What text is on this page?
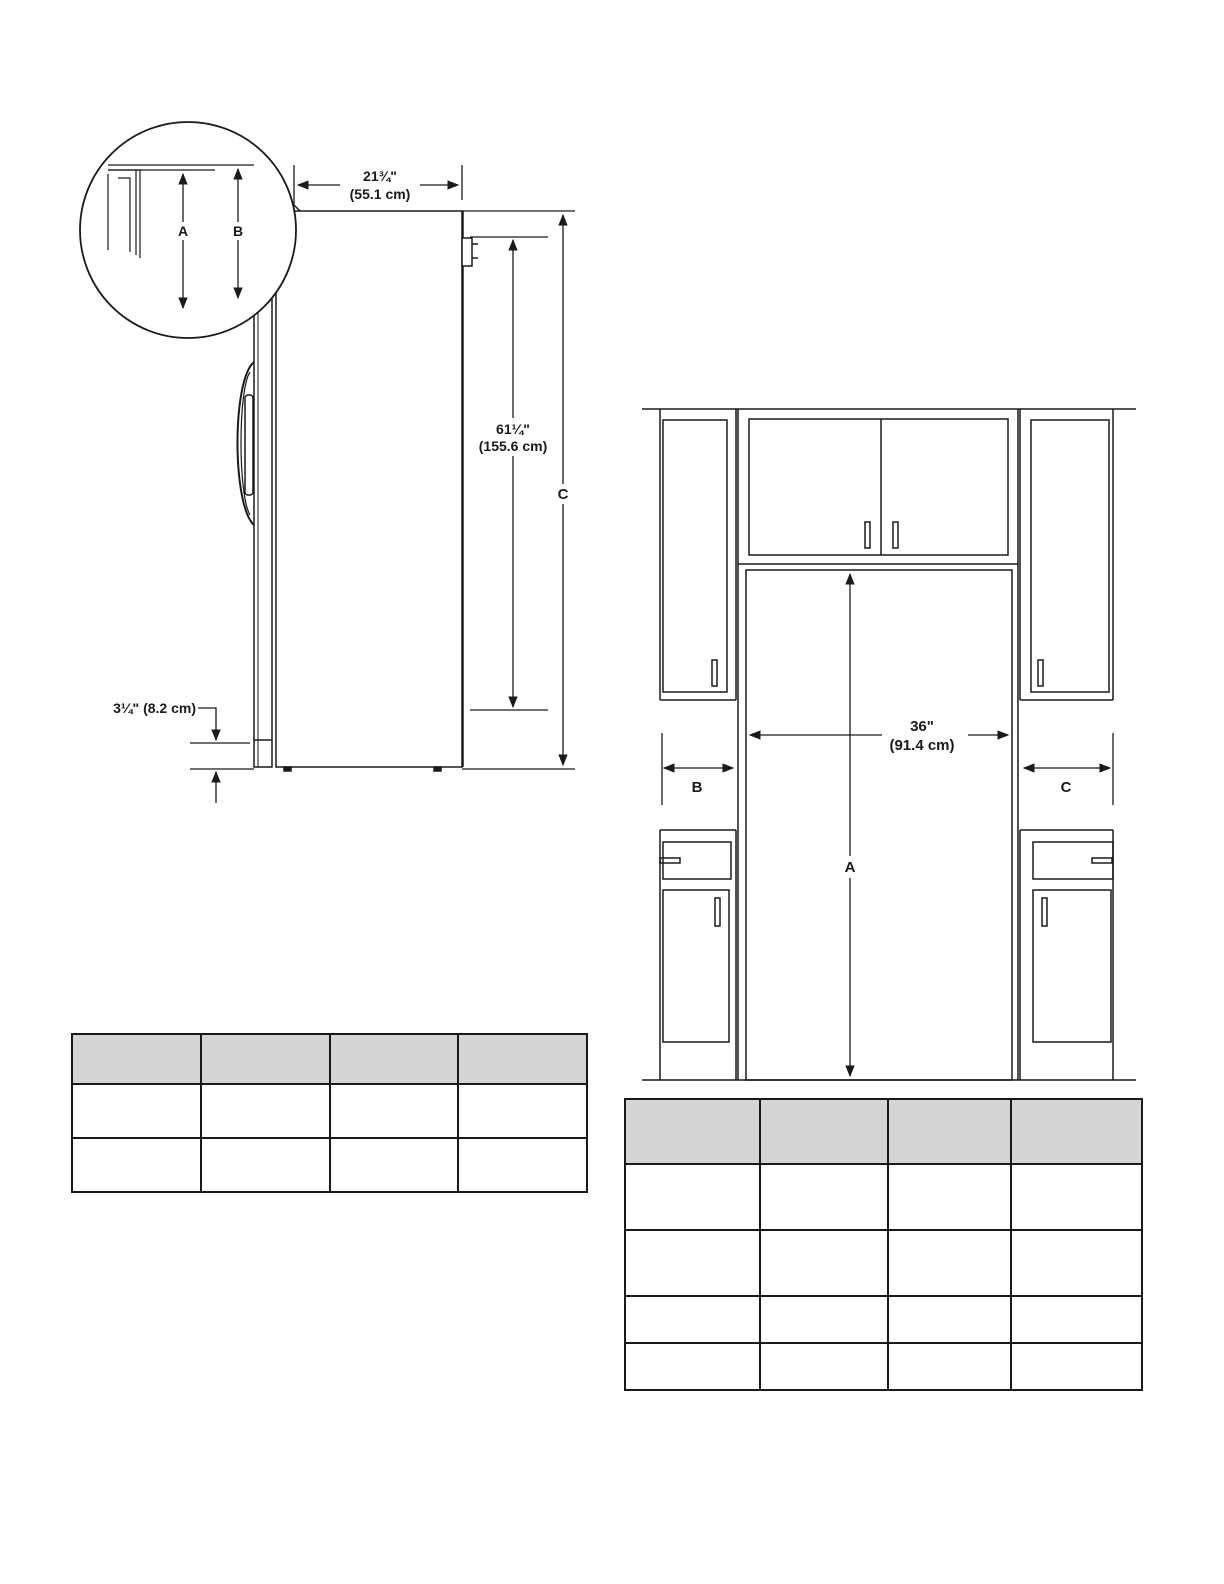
21¾"
(55.1 cm)
61¼"
(155.6 cm)
C
3¼" (8.2 cm)
A	B
36"
(91.4 cm)
A
B	C
